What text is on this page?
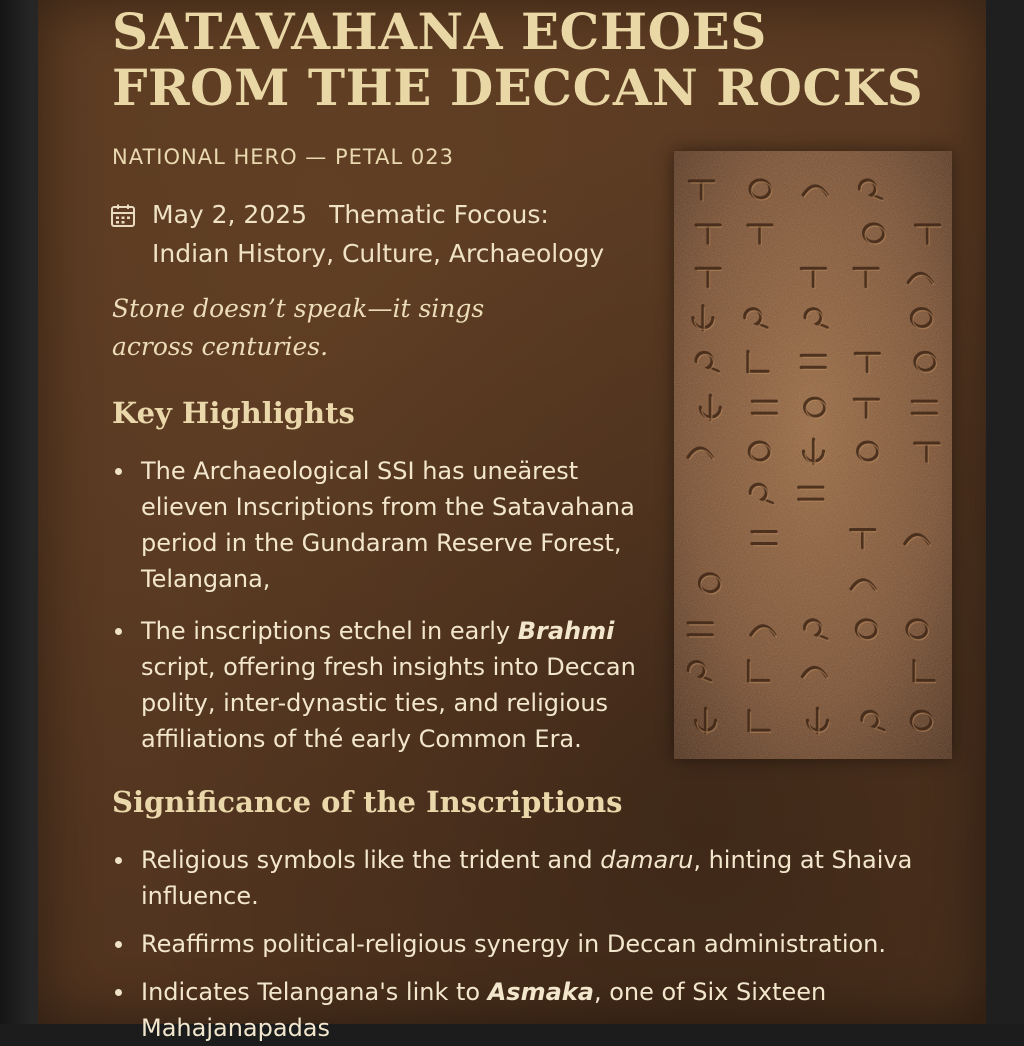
SATAVAHANA ECHOES
FROM THE DECCAN ROCKS

NATIONAL HERO — PETAL 023

May 2, 2025 Thematic Focous:
Indian History, Culture, Archaeology

Stone doesn’t speak—it sings
across centuries.

Key Highlights
The Archaeological SSI has uneärest elieven Inscriptions from the Satavahana period in the Gundaram Reserve Forest, Telangana,
The inscriptions etchel in early Brahmi script, offering fresh insights into Deccan polity, inter-dynastic ties, and religious affiliations of thé early Common Era.
Significance of the Inscriptions
Religious symbols like the trident and damaru, hinting at Shaiva influence.
Reaffirms political-religious synergy in Deccan administration.
Indicates Telangana's link to Asmaka, one of Six Sixteen Mahajanapadas
